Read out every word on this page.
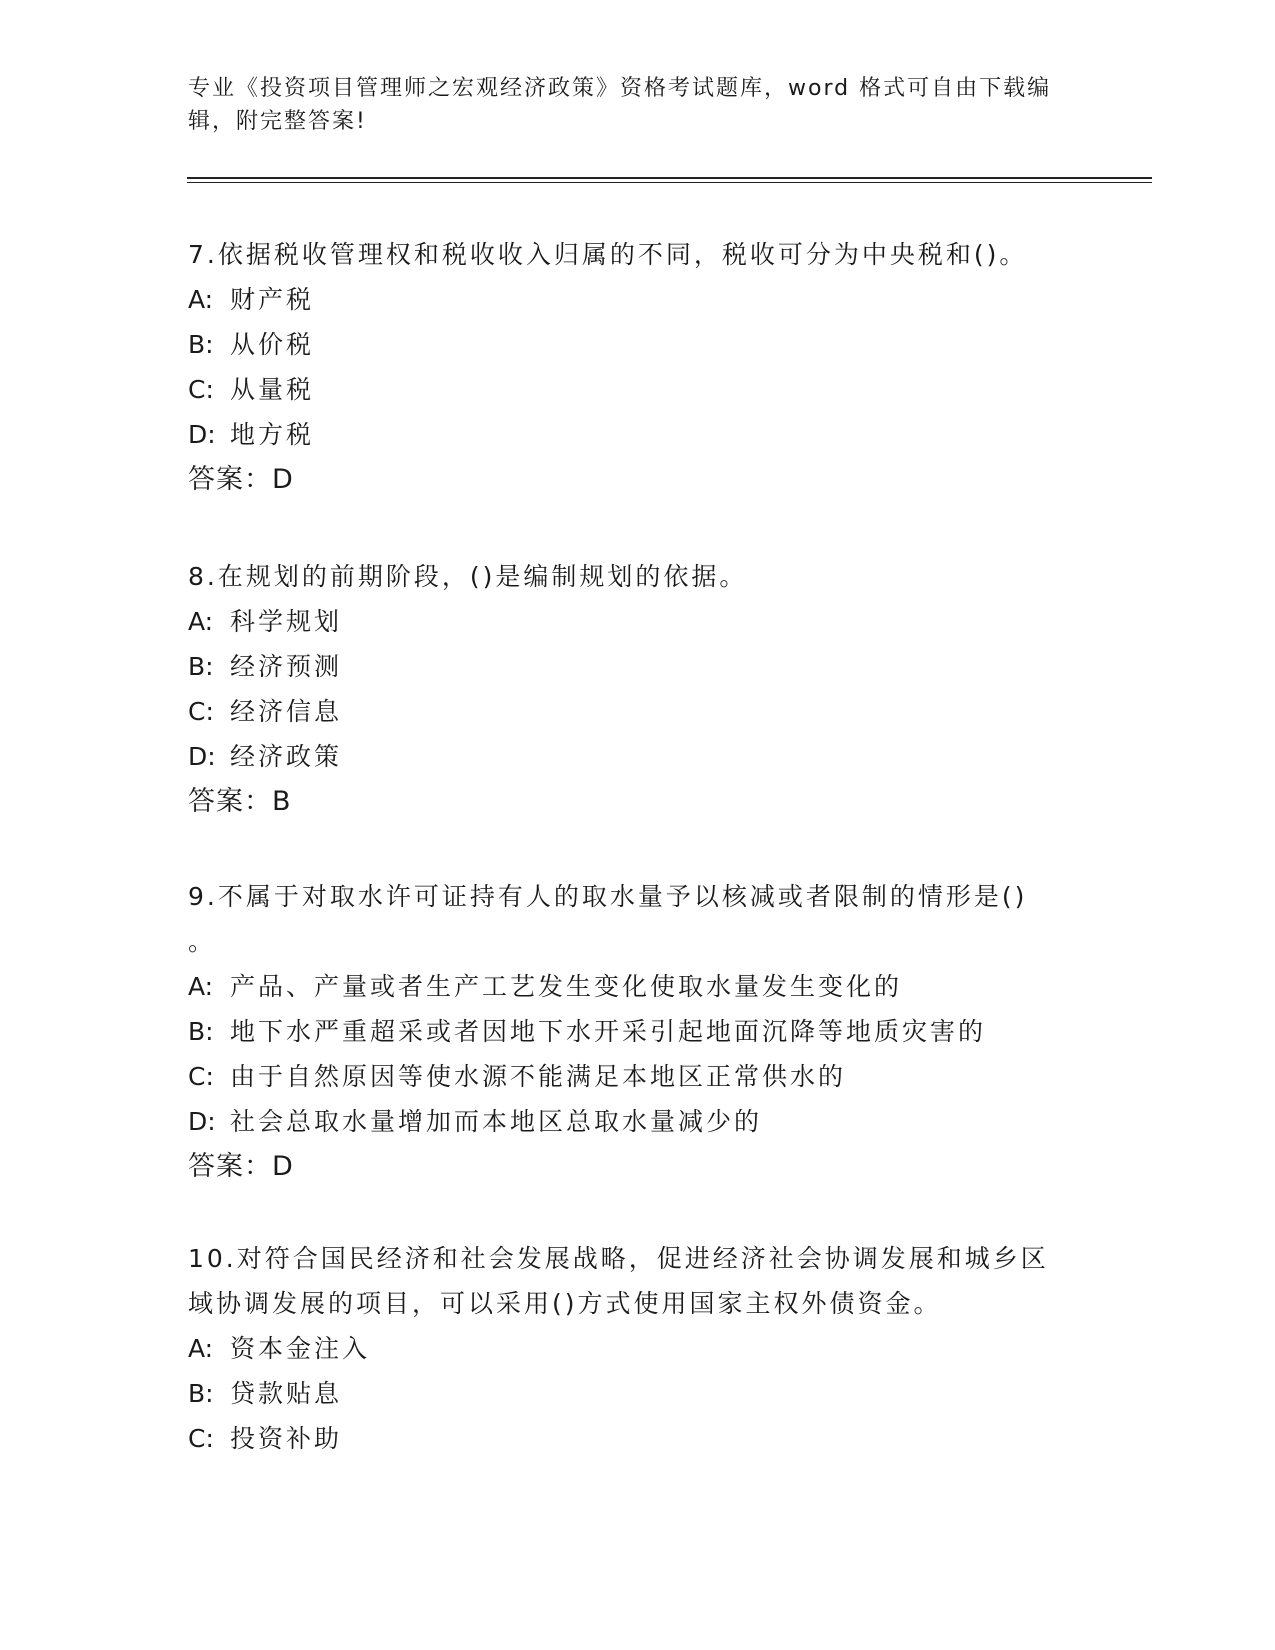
专业《投资项目管理师之宏观经济政策》资格考试题库，word 格式可自由下载编
辑，附完整答案!
7.依据税收管理权和税收收入归属的不同，税收可分为中央税和()。
A: 财产税
B: 从价税
C: 从量税
D: 地方税
答案：D
8.在规划的前期阶段，()是编制规划的依据。
A: 科学规划
B: 经济预测
C: 经济信息
D: 经济政策
答案：B
9.不属于对取水许可证持有人的取水量予以核减或者限制的情形是()
。
A: 产品、产量或者生产工艺发生变化使取水量发生变化的
B: 地下水严重超采或者因地下水开采引起地面沉降等地质灾害的
C: 由于自然原因等使水源不能满足本地区正常供水的
D: 社会总取水量增加而本地区总取水量减少的
答案：D
10.对符合国民经济和社会发展战略，促进经济社会协调发展和城乡区
域协调发展的项目，可以采用()方式使用国家主权外债资金。
A: 资本金注入
B: 贷款贴息
C: 投资补助
